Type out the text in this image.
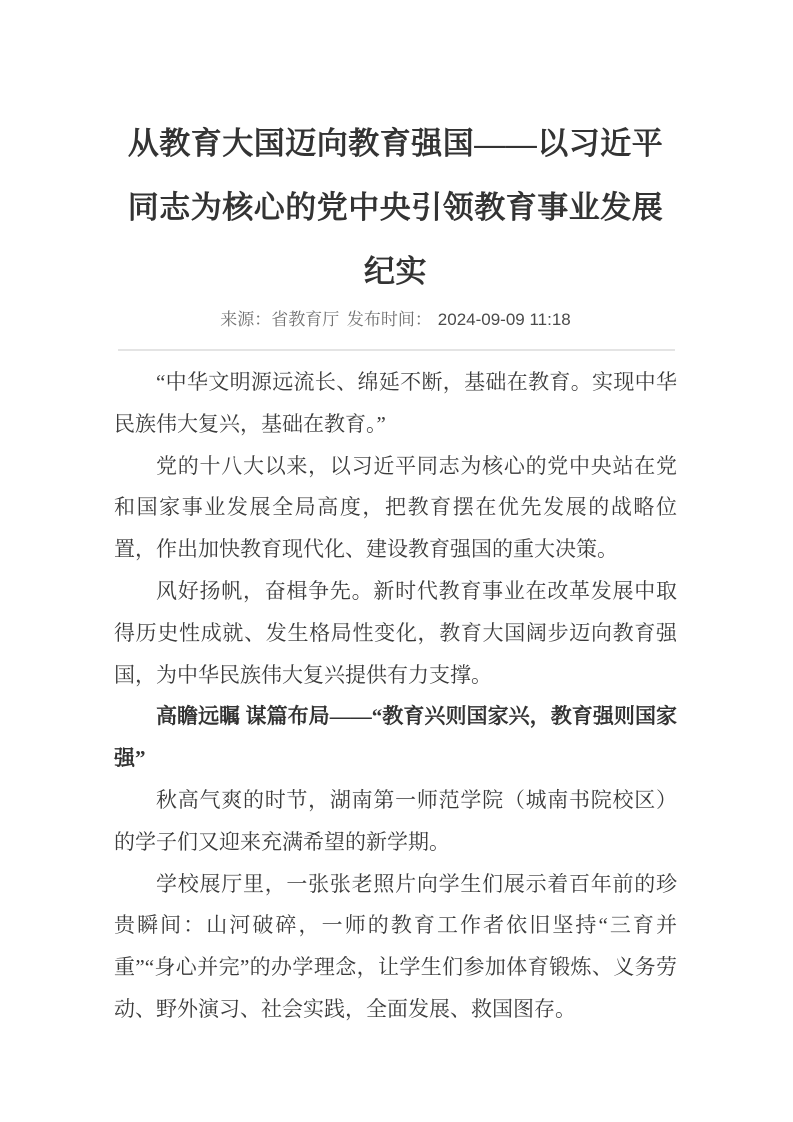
从教育大国迈向教育强国——以习近平同志为核心的党中央引领教育事业发展纪实
来源：省教育厅 发布时间： 2024-09-09 11:18

“中华文明源远流长、绵延不断，基础在教育。实现中华民族伟大复兴，基础在教育。”

党的十八大以来，以习近平同志为核心的党中央站在党和国家事业发展全局高度，把教育摆在优先发展的战略位置，作出加快教育现代化、建设教育强国的重大决策。

风好扬帆，奋楫争先。新时代教育事业在改革发展中取得历史性成就、发生格局性变化，教育大国阔步迈向教育强国，为中华民族伟大复兴提供有力支撑。

高瞻远瞩 谋篇布局——“教育兴则国家兴，教育强则国家强”

秋高气爽的时节，湖南第一师范学院（城南书院校区）的学子们又迎来充满希望的新学期。

学校展厅里，一张张老照片向学生们展示着百年前的珍贵瞬间：山河破碎，一师的教育工作者依旧坚持“三育并重”“身心并完”的办学理念，让学生们参加体育锻炼、义务劳动、野外演习、社会实践，全面发展、救国图存。
